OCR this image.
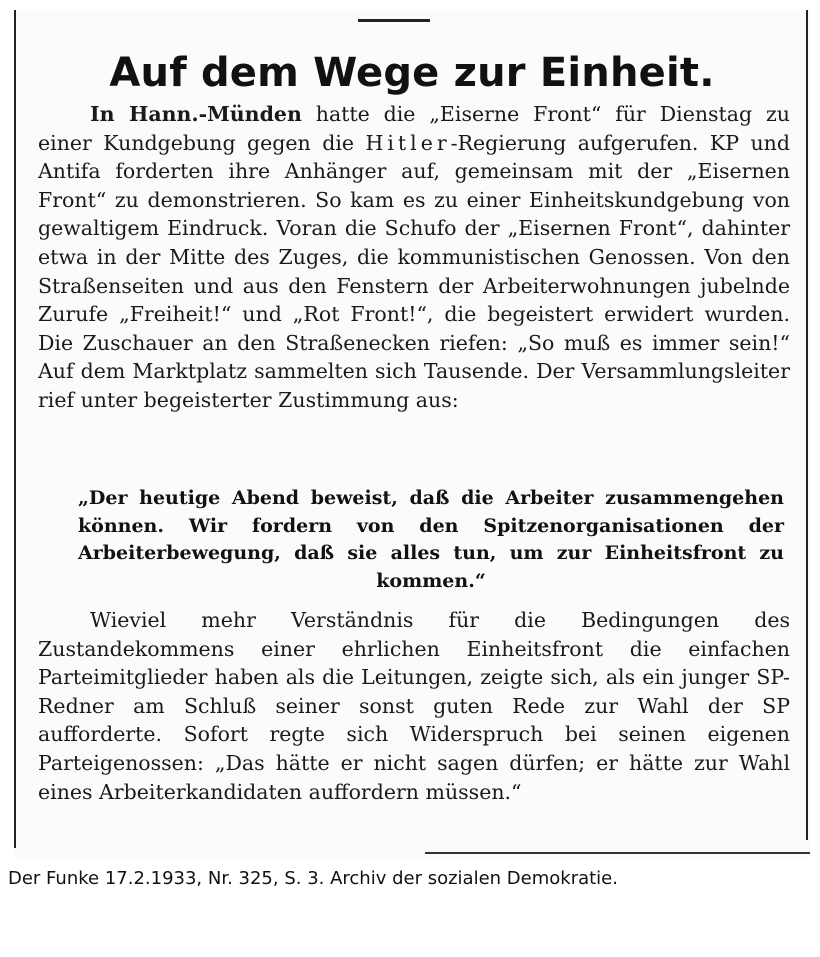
Auf dem Wege zur Einheit.

In Hann.-Münden hatte die „Eiserne Front“ für Dienstag zu einer Kundgebung gegen die Hitler-Regierung aufgerufen. KP und Antifa forderten ihre Anhänger auf, gemeinsam mit der „Eisernen Front“ zu demonstrieren. So kam es zu einer Einheitskundgebung von gewaltigem Eindruck. Voran die Schufo der „Eisernen Front“, dahinter etwa in der Mitte des Zuges, die kommunistischen Genossen. Von den Straßenseiten und aus den Fenstern der Arbeiterwohnungen jubelnde Zurufe „Freiheit!“ und „Rot Front!“, die begeistert erwidert wurden. Die Zuschauer an den Straßenecken riefen: „So muß es immer sein!“ Auf dem Marktplatz sammelten sich Tausende. Der Versammlungsleiter rief unter begeisterter Zustimmung aus:

„Der heutige Abend beweist, daß die Arbeiter zusammengehen können. Wir fordern von den Spitzenorganisationen der Arbeiterbewegung, daß sie alles tun, um zur Einheitsfront zu kommen.“

Wieviel mehr Verständnis für die Bedingungen des Zustandekommens einer ehrlichen Einheitsfront die einfachen Parteimitglieder haben als die Leitungen, zeigte sich, als ein junger SP-Redner am Schluß seiner sonst guten Rede zur Wahl der SP aufforderte. Sofort regte sich Widerspruch bei seinen eigenen Parteigenossen: „Das hätte er nicht sagen dürfen; er hätte zur Wahl eines Arbeiterkandidaten auffordern müssen.“

Der Funke 17.2.1933, Nr. 325, S. 3. Archiv der sozialen Demokratie.
